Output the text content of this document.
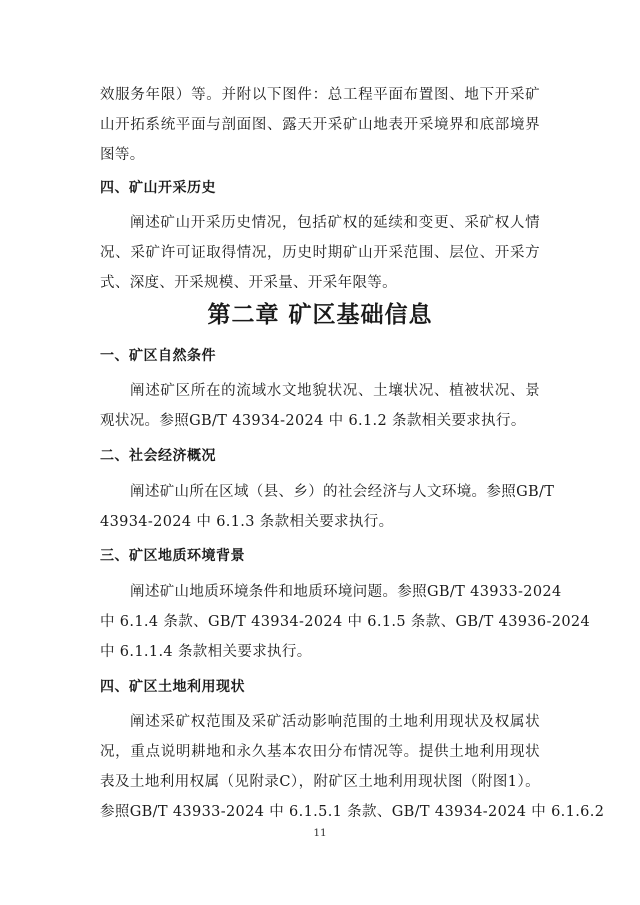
效服务年限）等。并附以下图件：总工程平面布置图、地下开采矿
山开拓系统平面与剖面图、露天开采矿山地表开采境界和底部境界
图等。
四、矿山开采历史
阐述矿山开采历史情况，包括矿权的延续和变更、采矿权人情
况、采矿许可证取得情况，历史时期矿山开采范围、层位、开采方
式、深度、开采规模、开采量、开采年限等。
第二章 矿区基础信息
一、矿区自然条件
阐述矿区所在的流域水文地貌状况、土壤状况、植被状况、景
观状况。参照GB/T 43934-2024 中 6.1.2 条款相关要求执行。
二、社会经济概况
阐述矿山所在区域（县、乡）的社会经济与人文环境。参照GB/T
43934-2024 中 6.1.3 条款相关要求执行。
三、矿区地质环境背景
阐述矿山地质环境条件和地质环境问题。参照GB/T 43933-2024
中 6.1.4 条款、GB/T 43934-2024 中 6.1.5 条款、GB/T 43936-2024
中 6.1.1.4 条款相关要求执行。
四、矿区土地利用现状
阐述采矿权范围及采矿活动影响范围的土地利用现状及权属状
况，重点说明耕地和永久基本农田分布情况等。提供土地利用现状
表及土地利用权属（见附录C），附矿区土地利用现状图（附图1）。
参照GB/T 43933-2024 中 6.1.5.1 条款、GB/T 43934-2024 中 6.1.6.2
11
